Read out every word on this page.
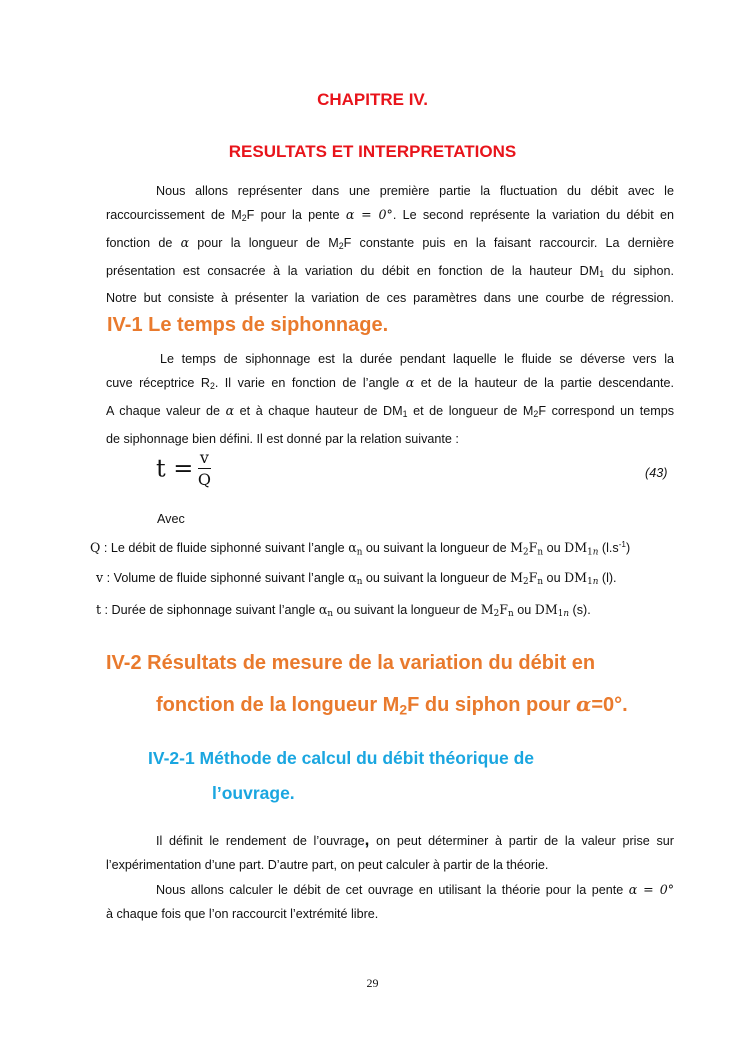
CHAPITRE IV.
RESULTATS ET INTERPRETATIONS

Nous allons représenter dans une première partie la fluctuation du débit avec le

raccourcissement de $M_2F$ pour la pente α = 0°. Le second représente la variation du débit en

fonction de α pour la longueur de $M_2F$ constante puis en la faisant raccourcir. La dernière

présentation est consacrée à la variation du débit en fonction de la hauteur $DM_1$ du siphon.

Notre but consiste à présenter la variation de ces paramètres dans une courbe de régression.

IV-1 Le temps de siphonnage.

Le temps de siphonnage est la durée pendant laquelle le fluide se déverse vers la

cuve réceptrice $R_2$. Il varie en fonction de l’angle α et de la hauteur de la partie descendante.

A chaque valeur de α et à chaque hauteur de $DM_1$ et de longueur de $M_2F$ correspond un temps

de siphonnage bien défini. Il est donné par la relation suivante :

$t = \frac{v}{Q}$	(43)
Avec
Q : Le débit de fluide siphonné suivant l’angle $\alpha_n$ ou suivant la longueur de $M_2F_n$ ou $DM_{1n}$ $(l.s^{-1})$
v : Volume de fluide siphonné suivant l’angle $\alpha_n$ ou suivant la longueur de $M_2F_n$ ou $DM_{1n}$ (l).
t : Durée de siphonnage suivant l’angle $\alpha_n$ ou suivant la longueur de $M_2F_n$ ou $DM_{1n}$ (s).
IV-2 Résultats de mesure de la variation du débit en
fonction de la longueur $M_2F$ du siphon pour α=0°.
IV-2-1 Méthode de calcul du débit théorique de
l’ouvrage.

Il définit le rendement de l’ouvrage, on peut déterminer à partir de la valeur prise sur

l’expérimentation d’une part. D’autre part, on peut calculer à partir de la théorie.

Nous allons calculer le débit de cet ouvrage en utilisant la théorie pour la pente α = 0°

à chaque fois que l’on raccourcit l’extrémité libre.

29
